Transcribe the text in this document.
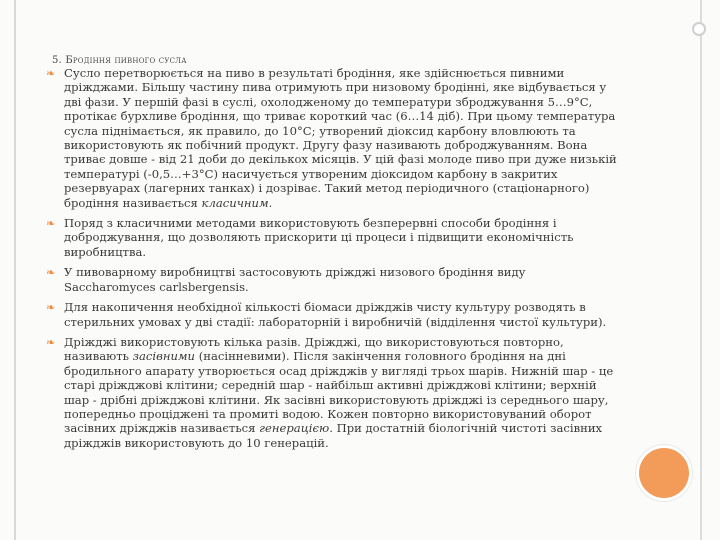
5. Бродіння пивного сусла
❧ Сусло перетворюється на пиво в результаті бродіння, яке здійснюється пивними дріжджами. Більшу частину пива отримують при низовому бродінні, яке відбувається у дві фази. У першій фазі в суслі, охолодженому до температури зброджування 5…9°С, протікає бурхливе бродіння, що триває короткий час (6…14 діб). При цьому температура сусла піднімається, як правило, до 10°С; утворений діоксид карбону вловлюють та використовують як побічний продукт. Другу фазу називають доброджуванням. Вона триває довше - від 21 доби до декількох місяців. У цій фазі молоде пиво при дуже низькій температурі (-0,5…+3°С) насичується утвореним діоксидом карбону в закритих резервуарах (лагерних танках) і дозріває. Такий метод періодичного (стаціонарного) бродіння називається класичним.
❧ Поряд з класичними методами використовують безперервні способи бродіння і доброджування, що дозволяють прискорити ці процеси і підвищити економічність виробництва.
❧ У пивоварному виробництві застосовують дріжджі низового бродіння виду Saccharomyces carlsbergensis.
❧ Для накопичення необхідної кількості біомаси дріжджів чисту культуру розводять в стерильних умовах у дві стадії: лабораторній і виробничій (відділення чистої культури).
❧ Дріжджі використовують кілька разів. Дріжджі, що використовуються повторно, називають засівними (насінневими). Після закінчення головного бродіння на дні бродильного апарату утворюється осад дріжджів у вигляді трьох шарів. Нижній шар - це старі дріжджові клітини; середній шар - найбільш активні дріжджові клітини; верхній шар - дрібні дріжджові клітини. Як засівні використовують дріжджі із середнього шару, попередньо проціджені та промиті водою. Кожен повторно використовуваний оборот засівних дріжджів називається генерацією. При достатній біологічній чистоті засівних дріжджів використовують до 10 генерацій.
